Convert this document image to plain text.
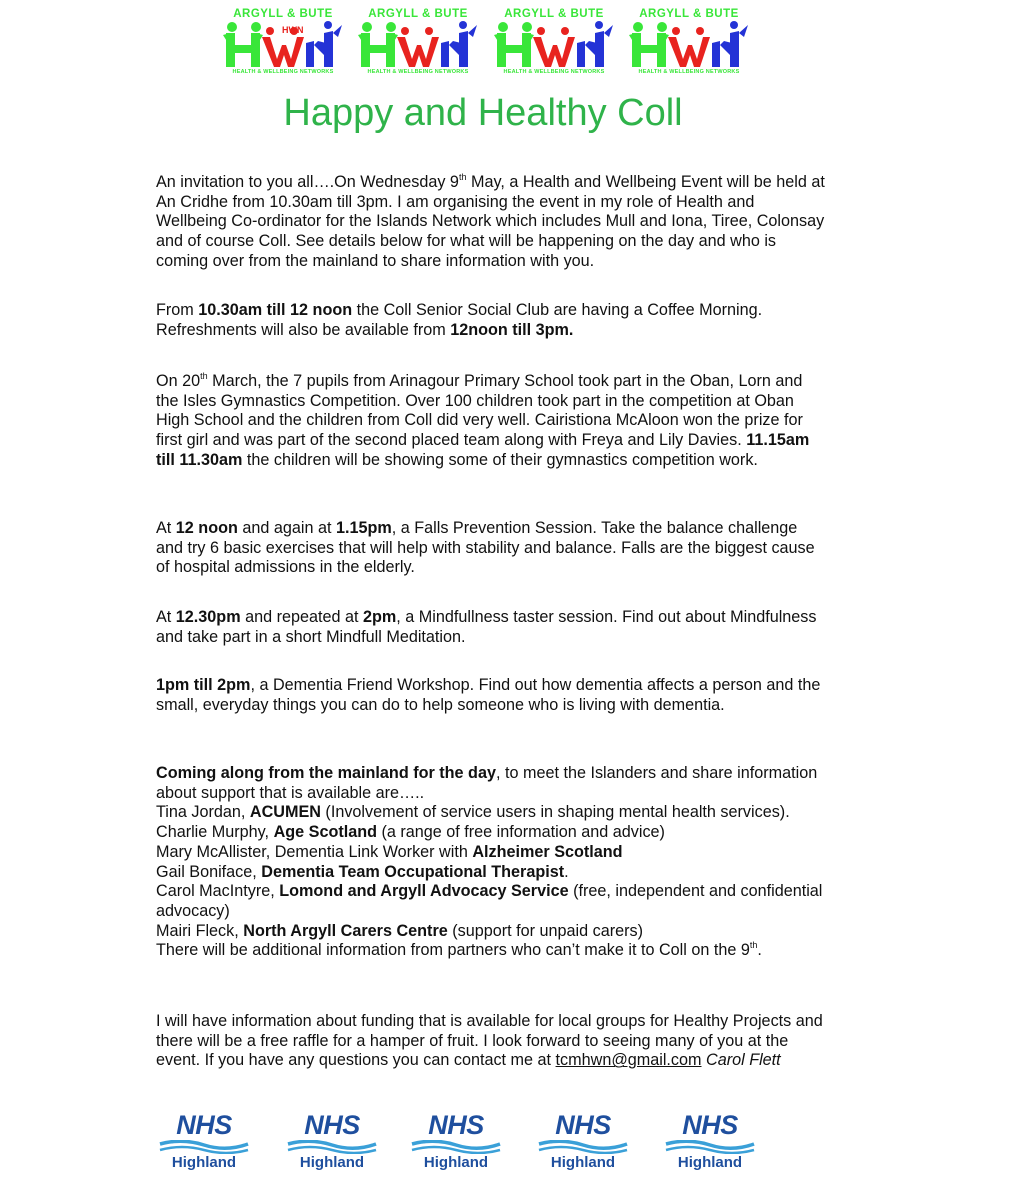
ARGYLL & BUTE
HWN
HEALTH & WELLBEING NETWORKS
ARGYLL & BUTE
HEALTH & WELLBEING NETWORKS
ARGYLL & BUTE
HEALTH & WELLBEING NETWORKS
ARGYLL & BUTE
HEALTH & WELLBEING NETWORKS
Happy and Healthy Coll

An invitation to you all….On Wednesday 9th May, a Health and Wellbeing Event will be held at An Cridhe from 10.30am till 3pm. I am organising the event in my role of Health and Wellbeing Co-ordinator for the Islands Network which includes Mull and Iona, Tiree, Colonsay and of course Coll. See details below for what will be happening on the day and who is coming over from the mainland to share information with you.

From 10.30am till 12 noon the Coll Senior Social Club are having a Coffee Morning. Refreshments will also be available from 12noon till 3pm.

On 20th March, the 7 pupils from Arinagour Primary School took part in the Oban, Lorn and the Isles Gymnastics Competition. Over 100 children took part in the competition at Oban High School and the children from Coll did very well. Cairistiona McAloon won the prize for first girl and was part of the second placed team along with Freya and Lily Davies. 11.15am till 11.30am the children will be showing some of their gymnastics competition work.

At 12 noon and again at 1.15pm, a Falls Prevention Session. Take the balance challenge and try 6 basic exercises that will help with stability and balance. Falls are the biggest cause of hospital admissions in the elderly.

At 12.30pm and repeated at 2pm, a Mindfullness taster session. Find out about Mindfulness and take part in a short Mindfull Meditation.

1pm till 2pm, a Dementia Friend Workshop. Find out how dementia affects a person and the small, everyday things you can do to help someone who is living with dementia.

Coming along from the mainland for the day, to meet the Islanders and share information about support that is available are…..
Tina Jordan, ACUMEN (Involvement of service users in shaping mental health services).
Charlie Murphy, Age Scotland (a range of free information and advice)
Mary McAllister, Dementia Link Worker with Alzheimer Scotland
Gail Boniface, Dementia Team Occupational Therapist.
Carol MacIntyre, Lomond and Argyll Advocacy Service (free, independent and confidential advocacy)
Mairi Fleck, North Argyll Carers Centre (support for unpaid carers)
There will be additional information from partners who can’t make it to Coll on the 9th.

I will have information about funding that is available for local groups for Healthy Projects and there will be a free raffle for a hamper of fruit. I look forward to seeing many of you at the event. If you have any questions you can contact me at tcmhwn@gmail.com Carol Flett

NHS
Highland
NHS
Highland
NHS
Highland
NHS
Highland
NHS
Highland
